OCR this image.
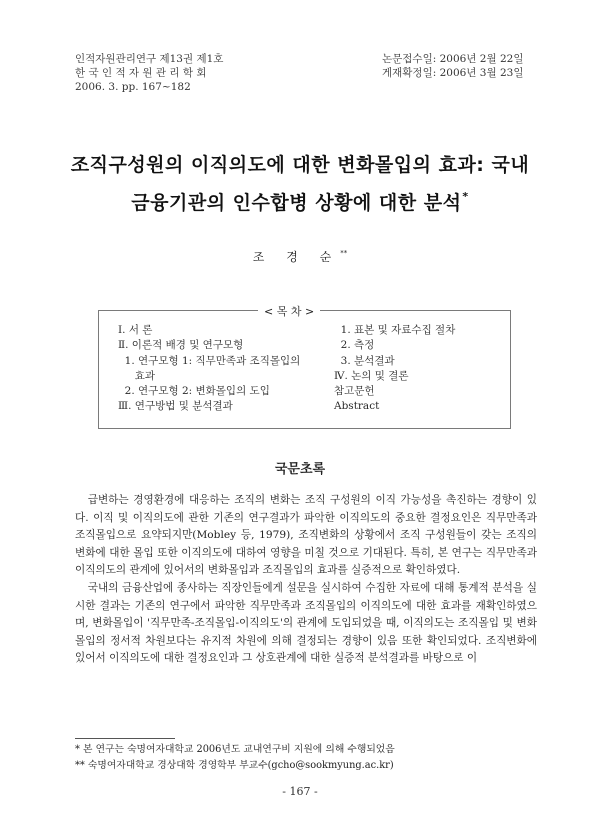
인적자원관리연구 제13권 제1호
한 국 인 적 자 원 관 리 학 회
2006. 3. pp. 167~182
논문접수일: 2006년 2월 22일
게재확정일: 2006년 3월 23일
조직구성원의 이직의도에 대한 변화몰입의 효과: 국내
금융기관의 인수합병 상황에 대한 분석*
조 경 순**
< 목 차 >
Ⅰ. 서 론
Ⅱ. 이론적 배경 및 연구모형
1. 연구모형 1: 직무만족과 조직몰입의
효과
2. 연구모형 2: 변화몰입의 도입
Ⅲ. 연구방법 및 분석결과
1. 표본 및 자료수집 절차
2. 측정
3. 분석결과
Ⅳ. 논의 및 결론
참고문헌
Abstract
국문초록

급변하는 경영환경에 대응하는 조직의 변화는 조직 구성원의 이직 가능성을 촉진하는 경향이 있다. 이직 및 이직의도에 관한 기존의 연구결과가 파악한 이직의도의 중요한 결정요인은 직무만족과 조직몰입으로 요약되지만(Mobley 등, 1979), 조직변화의 상황에서 조직 구성원들이 갖는 조직의 변화에 대한 몰입 또한 이직의도에 대하여 영향을 미칠 것으로 기대된다. 특히, 본 연구는 직무만족과 이직의도의 관계에 있어서의 변화몰입과 조직몰입의 효과를 실증적으로 확인하였다.

국내의 금융산업에 종사하는 직장인들에게 설문을 실시하여 수집한 자료에 대해 통계적 분석을 실시한 결과는 기존의 연구에서 파악한 직무만족과 조직몰입의 이직의도에 대한 효과를 재확인하였으며, 변화몰입이 '직무만족-조직몰입-이직의도'의 관계에 도입되었을 때, 이직의도는 조직몰입 및 변화몰입의 정서적 차원보다는 유지적 차원에 의해 결정되는 경향이 있음 또한 확인되었다. 조직변화에 있어서 이직의도에 대한 결정요인과 그 상호관계에 대한 실증적 분석결과를 바탕으로 이

* 본 연구는 숙명여자대학교 2006년도 교내연구비 지원에 의해 수행되었음
** 숙명여자대학교 경상대학 경영학부 부교수(gcho@sookmyung.ac.kr)
- 167 -
